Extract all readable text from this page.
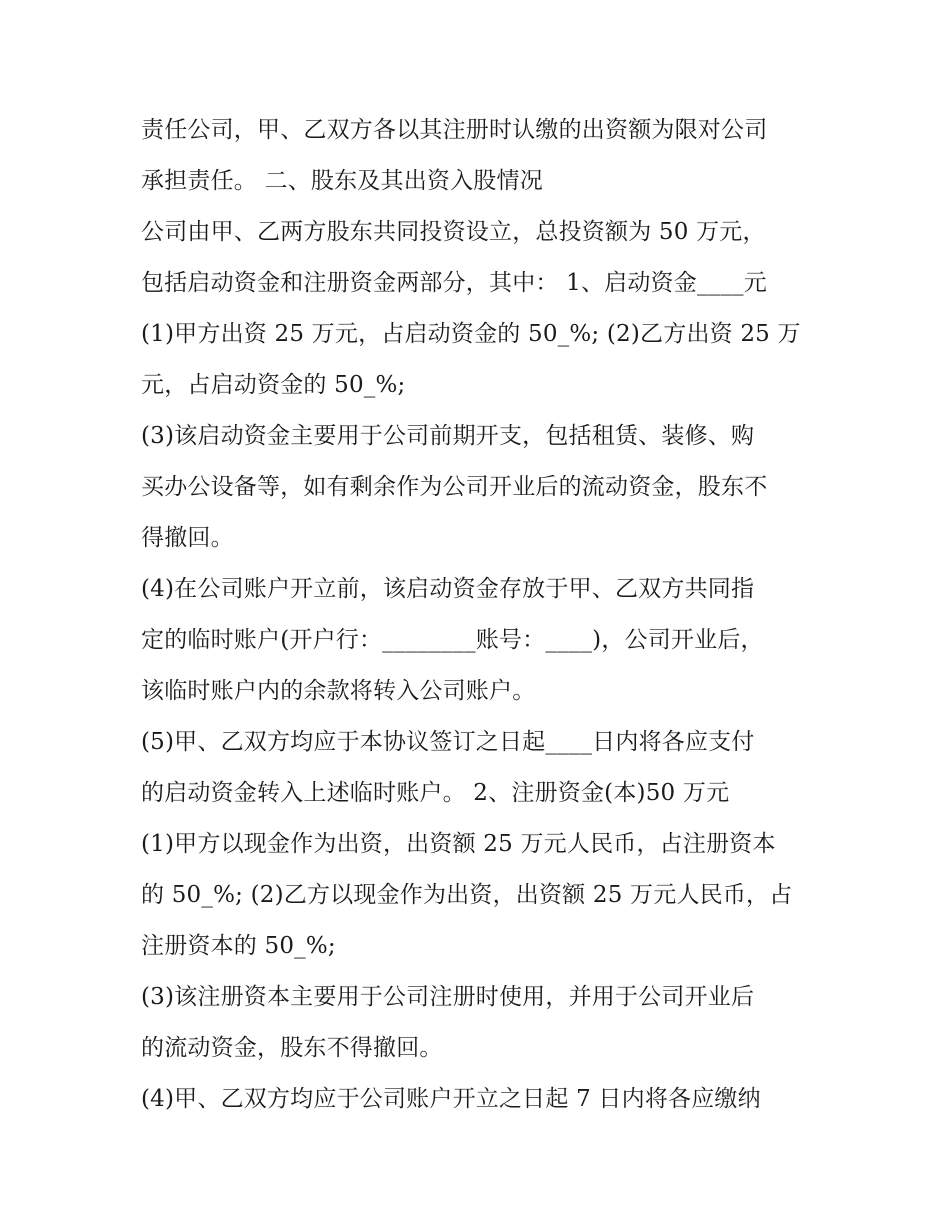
责任公司，甲、乙双方各以其注册时认缴的出资额为限对公司
承担责任。 二、股东及其出资入股情况
公司由甲、乙两方股东共同投资设立，总投资额为 50 万元，
包括启动资金和注册资金两部分，其中： 1、启动资金____元
(1)甲方出资 25 万元，占启动资金的 50_%; (2)乙方出资 25 万
元，占启动资金的 50_%;
(3)该启动资金主要用于公司前期开支，包括租赁、装修、购
买办公设备等，如有剩余作为公司开业后的流动资金，股东不
得撤回。
(4)在公司账户开立前，该启动资金存放于甲、乙双方共同指
定的临时账户(开户行：________账号：____)，公司开业后，
该临时账户内的余款将转入公司账户。
(5)甲、乙双方均应于本协议签订之日起____日内将各应支付
的启动资金转入上述临时账户。 2、注册资金(本)50 万元
(1)甲方以现金作为出资，出资额 25 万元人民币，占注册资本
的 50_%; (2)乙方以现金作为出资，出资额 25 万元人民币，占
注册资本的 50_%;
(3)该注册资本主要用于公司注册时使用，并用于公司开业后
的流动资金，股东不得撤回。
(4)甲、乙双方均应于公司账户开立之日起 7 日内将各应缴纳
